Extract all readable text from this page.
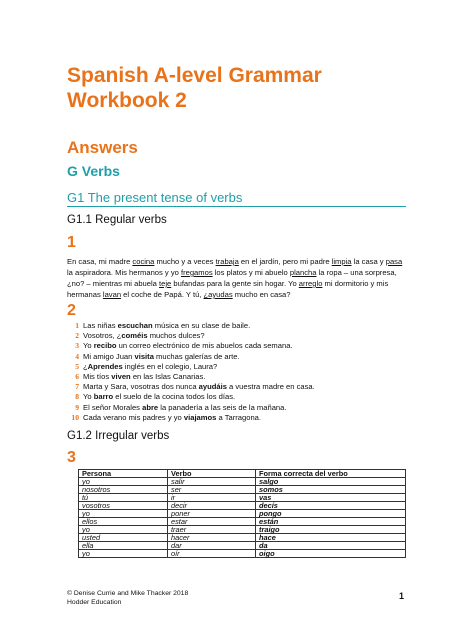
Spanish A-level Grammar Workbook 2
Answers
G Verbs
G1 The present tense of verbs
G1.1 Regular verbs
1
En casa, mi madre cocina mucho y a veces trabaja en el jardín, pero mi padre limpia la casa y pasa la aspiradora. Mis hermanos y yo fregamos los platos y mi abuelo plancha la ropa – una sorpresa, ¿no? – mientras mi abuela teje bufandas para la gente sin hogar. Yo arreglo mi dormitorio y mis hermanas lavan el coche de Papá. Y tú, ¿ayudas mucho en casa?
2
1 Las niñas escuchan música en su clase de baile.
2 Vosotros, ¿coméis muchos dulces?
3 Yo recibo un correo electrónico de mis abuelos cada semana.
4 Mi amigo Juan visita muchas galerías de arte.
5 ¿Aprendes inglés en el colegio, Laura?
6 Mis tíos viven en las Islas Canarias.
7 Marta y Sara, vosotras dos nunca ayudáis a vuestra madre en casa.
8 Yo barro el suelo de la cocina todos los días.
9 El señor Morales abre la panadería a las seis de la mañana.
10 Cada verano mis padres y yo viajamos a Tarragona.
G1.2 Irregular verbs
3
Persona	Verbo	Forma correcta del verbo
yo	salir	salgo
nosotros	ser	somos
tú	ir	vas
vosotros	decir	decís
yo	poner	pongo
ellos	estar	están
yo	traer	traigo
usted	hacer	hace
ella	dar	da
yo	oír	oigo
© Denise Currie and Mike Thacker 2018
Hodder Education
1
